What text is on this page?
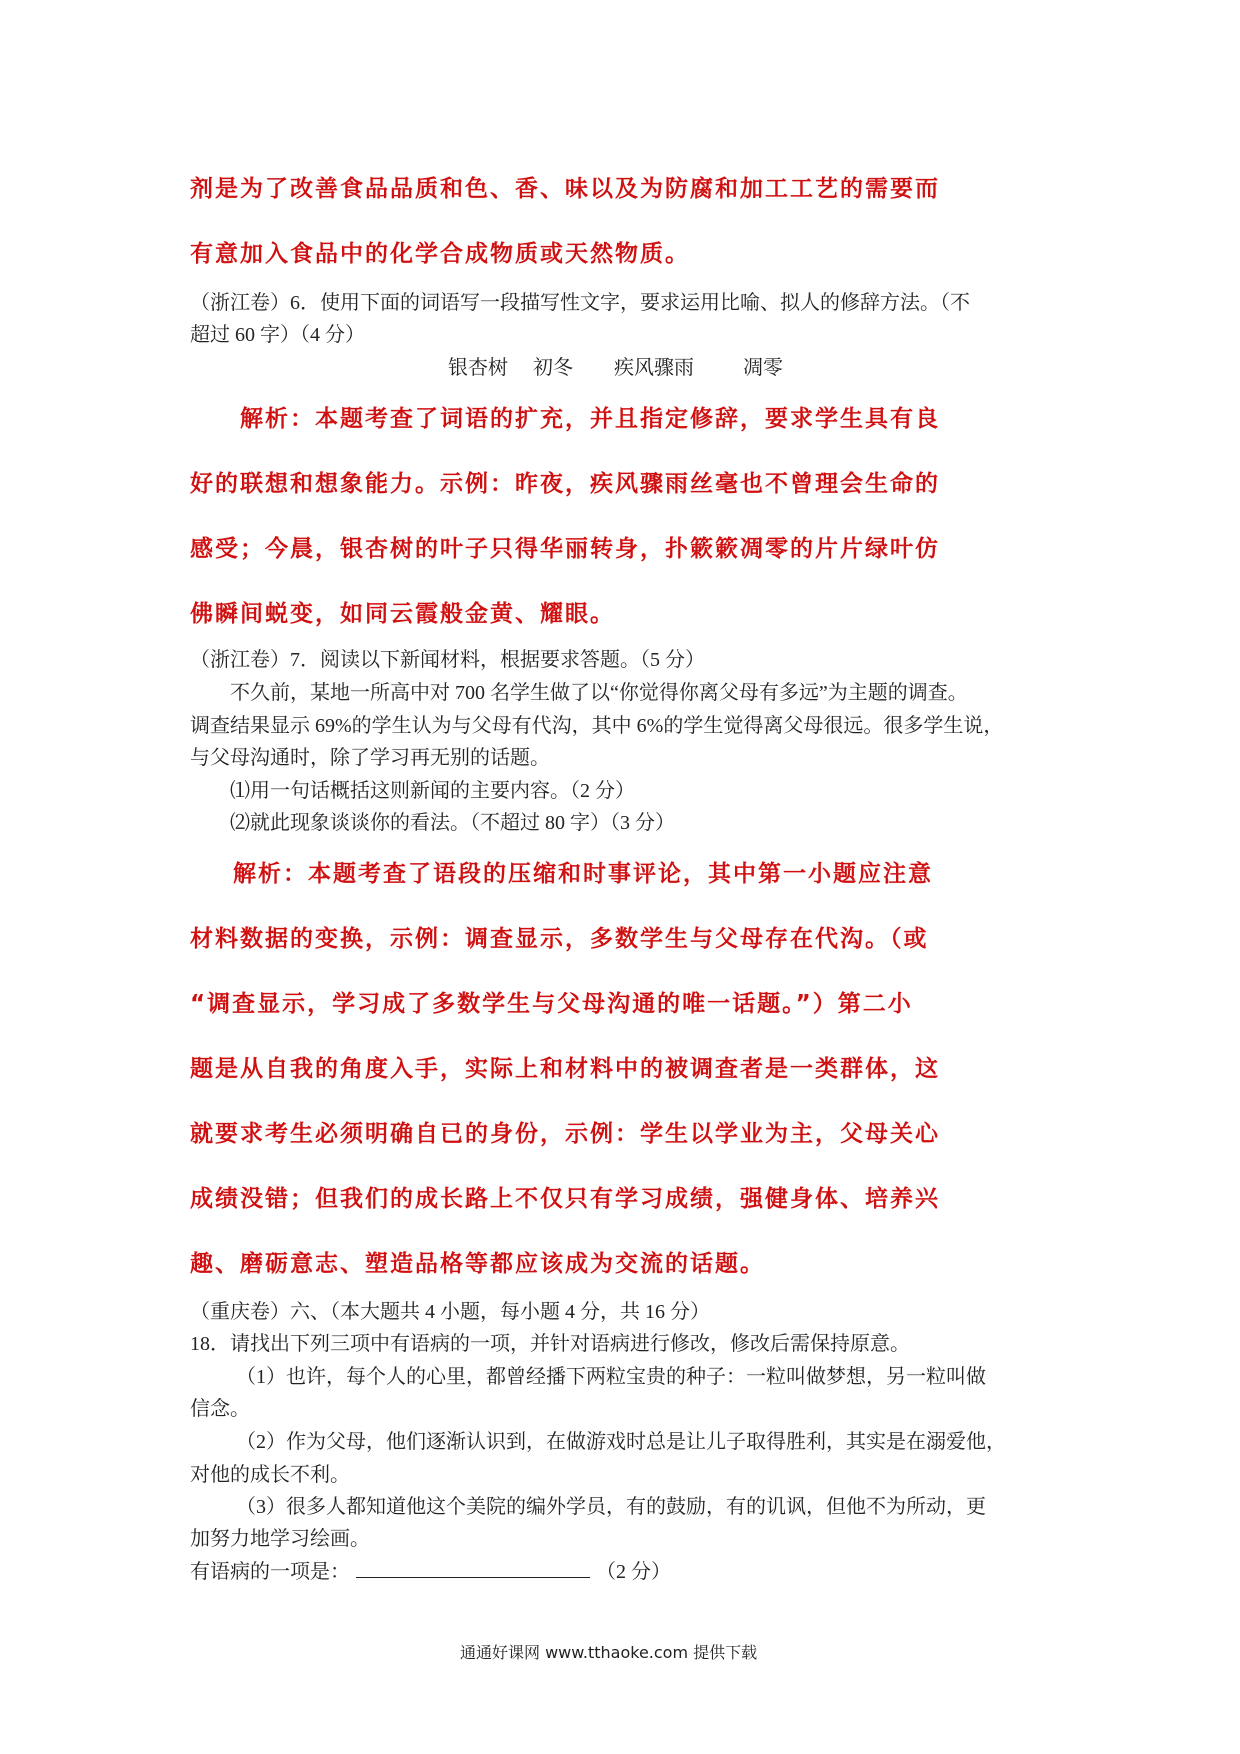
剂是为了改善食品品质和色、香、味以及为防腐和加工工艺的需要而
有意加入食品中的化学合成物质或天然物质。
（浙江卷）6．使用下面的词语写一段描写性文字，要求运用比喻、拟人的修辞方法。（不
超过 60 字）（4 分）
银杏树 初冬 疾风骤雨 凋零
解析：本题考查了词语的扩充，并且指定修辞，要求学生具有良
好的联想和想象能力。示例：昨夜，疾风骤雨丝毫也不曾理会生命的
感受；今晨，银杏树的叶子只得华丽转身，扑簌簌凋零的片片绿叶仿
佛瞬间蜕变，如同云霞般金黄、耀眼。
（浙江卷）7．阅读以下新闻材料，根据要求答题。（5 分）
不久前，某地一所高中对 700 名学生做了以“你觉得你离父母有多远”为主题的调查。
调查结果显示 69%的学生认为与父母有代沟，其中 6%的学生觉得离父母很远。很多学生说，
与父母沟通时，除了学习再无别的话题。
⑴用一句话概括这则新闻的主要内容。（2 分）
⑵就此现象谈谈你的看法。（不超过 80 字）（3 分）
解析：本题考查了语段的压缩和时事评论，其中第一小题应注意
材料数据的变换，示例：调查显示，多数学生与父母存在代沟。（或
“调查显示，学习成了多数学生与父母沟通的唯一话题。”）第二小
题是从自我的角度入手，实际上和材料中的被调查者是一类群体，这
就要求考生必须明确自已的身份，示例：学生以学业为主，父母关心
成绩没错；但我们的成长路上不仅只有学习成绩，强健身体、培养兴
趣、磨砺意志、塑造品格等都应该成为交流的话题。
（重庆卷）六、（本大题共 4 小题，每小题 4 分，共 16 分）
18．请找出下列三项中有语病的一项，并针对语病进行修改，修改后需保持原意。
（1）也许，每个人的心里，都曾经播下两粒宝贵的种子：一粒叫做梦想，另一粒叫做
信念。
（2）作为父母，他们逐渐认识到，在做游戏时总是让儿子取得胜利，其实是在溺爱他，
对他的成长不利。
（3）很多人都知道他这个美院的编外学员，有的鼓励，有的讥讽，但他不为所动，更
加努力地学习绘画。
有语病的一项是：	（2 分）
通通好课网 www.tthaoke.com 提供下载
